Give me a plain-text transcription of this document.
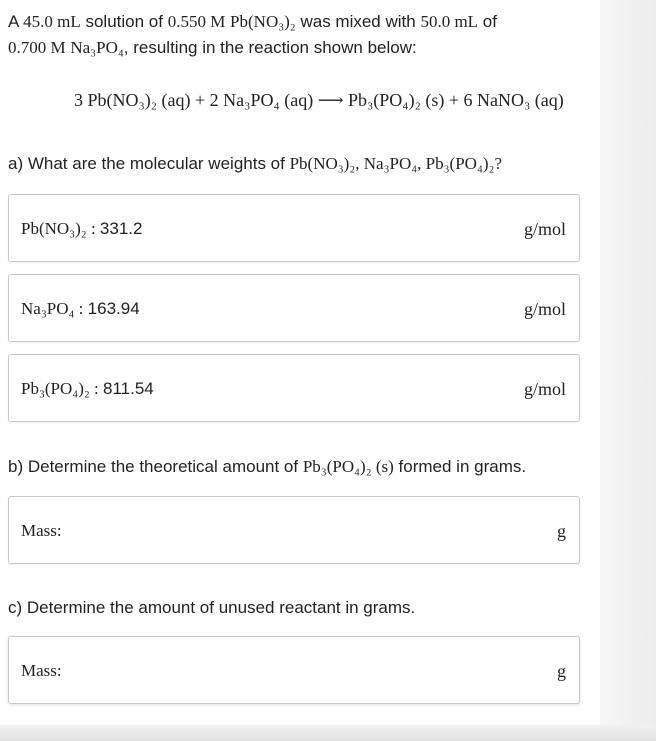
A 45.0 mL solution of 0.550 M Pb(NO₃)₂ was mixed with 50.0 mL of
0.700 M Na₃PO₄, resulting in the reaction shown below:
3 Pb(NO₃)₂ (aq) + 2 Na₃PO₄ (aq) ⟶ Pb₃(PO₄)₂ (s) + 6 NaNO₃ (aq)
a) What are the molecular weights of Pb(NO₃)₂, Na₃PO₄, Pb₃(PO₄)₂?
Pb(NO₃)₂ : 331.2	g/mol
Na₃PO₄ : 163.94	g/mol
Pb₃(PO₄)₂ : 811.54	g/mol
b) Determine the theoretical amount of Pb₃(PO₄)₂ (s) formed in grams.
Mass:	g
c) Determine the amount of unused reactant in grams.
Mass:	g
